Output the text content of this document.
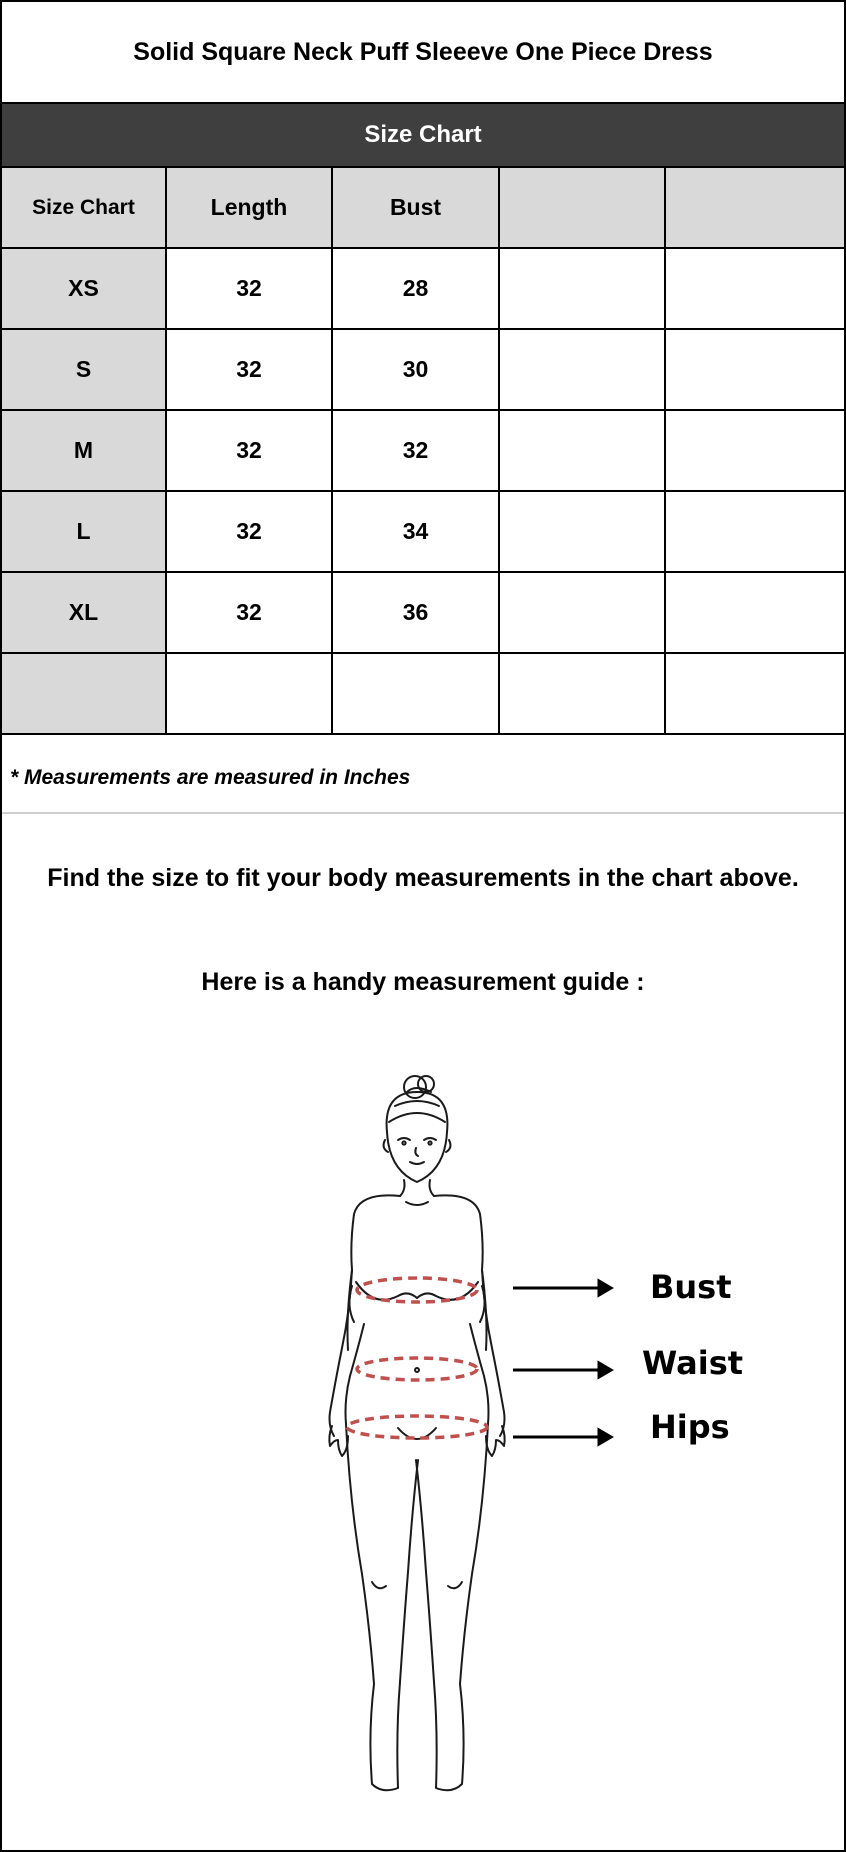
Solid Square Neck Puff Sleeeve One Piece Dress
Size Chart
Size Chart	Length	Bust		
XS	32	28		
S	32	30		
M	32	32		
L	32	34		
XL	32	36		

* Measurements are measured in Inches
Find the size to fit your body measurements in the chart above.
Here is a handy measurement guide :
Bust
Waist
Hips
